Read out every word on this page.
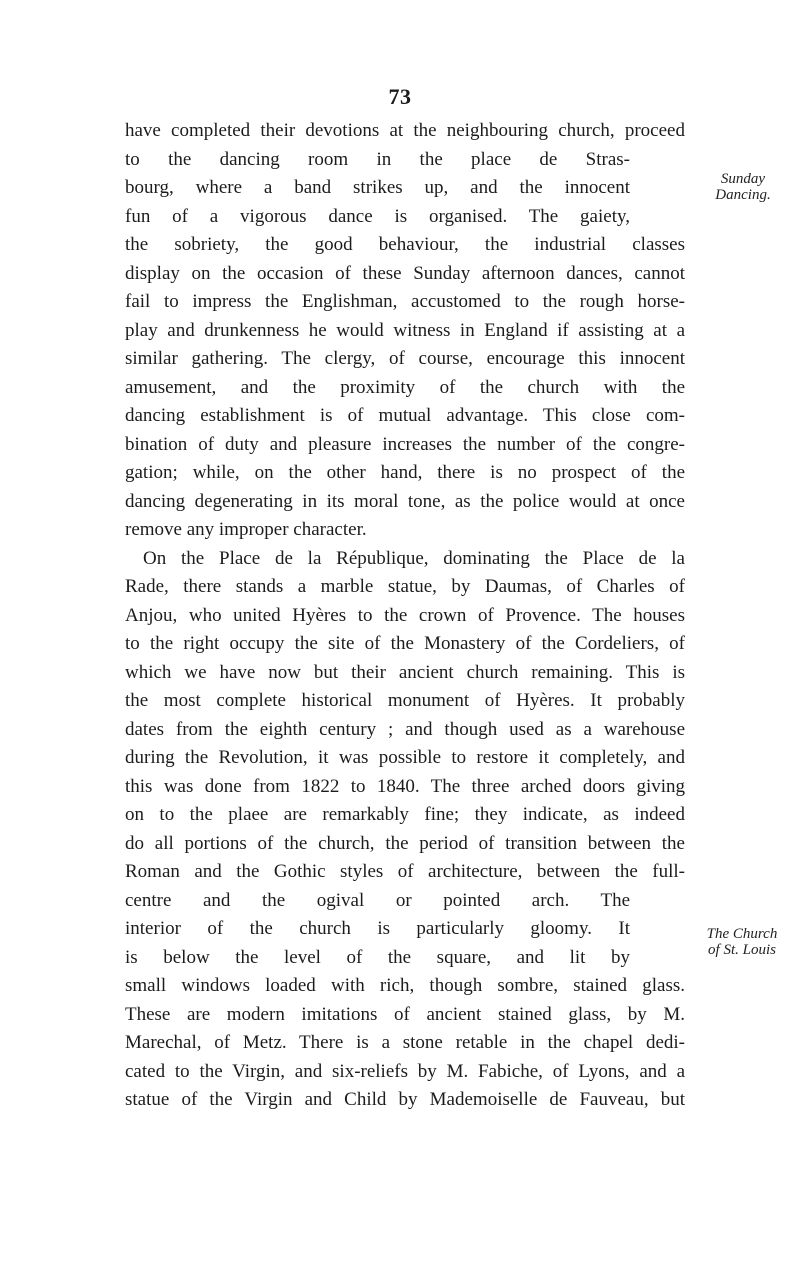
73
have completed their devotions at the neighbouring church, proceed
to the dancing room in the place de Stras-
bourg, where a band strikes up, and the innocent
fun of a vigorous dance is organised. The gaiety,
the sobriety, the good behaviour, the industrial classes
display on the occasion of these Sunday afternoon dances, cannot
fail to impress the Englishman, accustomed to the rough horse-
play and drunkenness he would witness in England if assisting at a
similar gathering. The clergy, of course, encourage this innocent
amusement, and the proximity of the church with the
dancing establishment is of mutual advantage. This close com-
bination of duty and pleasure increases the number of the congre-
gation; while, on the other hand, there is no prospect of the
dancing degenerating in its moral tone, as the police would at once
remove any improper character.
On the Place de la République, dominating the Place de la
Rade, there stands a marble statue, by Daumas, of Charles of
Anjou, who united Hyères to the crown of Provence. The houses
to the right occupy the site of the Monastery of the Cordeliers, of
which we have now but their ancient church remaining. This is
the most complete historical monument of Hyères. It probably
dates from the eighth century ; and though used as a warehouse
during the Revolution, it was possible to restore it completely, and
this was done from 1822 to 1840. The three arched doors giving
on to the plaee are remarkably fine; they indicate, as indeed
do all portions of the church, the period of transition between the
Roman and the Gothic styles of architecture, between the full-
centre and the ogival or pointed arch. The
interior of the church is particularly gloomy. It
is below the level of the square, and lit by
small windows loaded with rich, though sombre, stained glass.
These are modern imitations of ancient stained glass, by M.
Marechal, of Metz. There is a stone retable in the chapel dedi-
cated to the Virgin, and six-reliefs by M. Fabiche, of Lyons, and a
statue of the Virgin and Child by Mademoiselle de Fauveau, but
Sunday
Dancing.
The Church
of St. Louis
